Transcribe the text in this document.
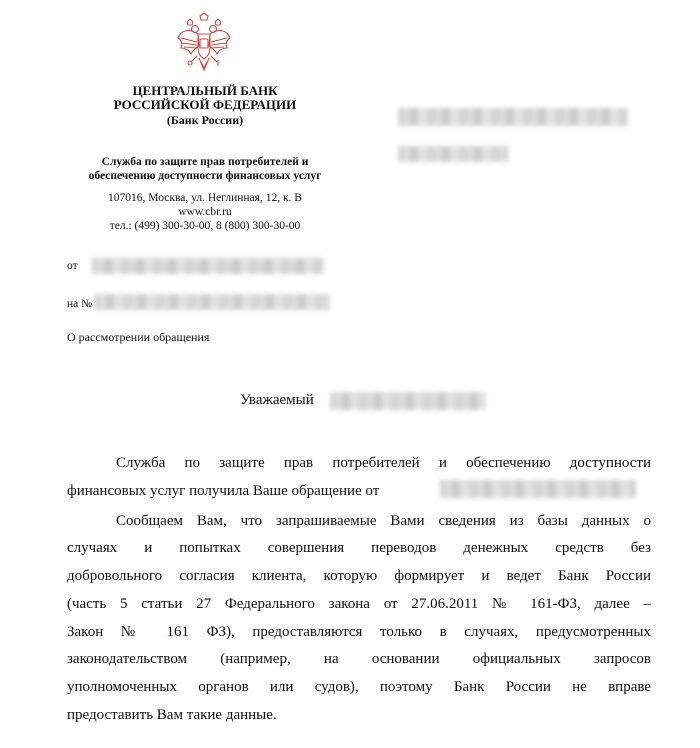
ЦЕНТРАЛЬНЫЙ БАНК
РОССИЙСКОЙ ФЕДЕРАЦИИ
(Банк России)
Служба по защите прав потребителей и
обеспечению доступности финансовых услуг
107016, Москва, ул. Неглинная, 12, к. В
www.cbr.ru
тел.: (499) 300-30-00, 8 (800) 300-30-00
от
на №
О рассмотрении обращения
Уважаемый
Служба по защите прав потребителей и обеспечению доступности
финансовых услуг получила Ваше обращение от
Сообщаем Вам, что запрашиваемые Вами сведения из базы данных о
случаях и попытках совершения переводов денежных средств без
добровольного согласия клиента, которую формирует и ведет Банк России
(часть 5 статьи 27 Федерального закона от 27.06.2011 № 161-ФЗ, далее –
Закон № 161 ФЗ), предоставляются только в случаях, предусмотренных
законодательством (например, на основании официальных запросов
уполномоченных органов или судов), поэтому Банк России не вправе
предоставить Вам такие данные.
